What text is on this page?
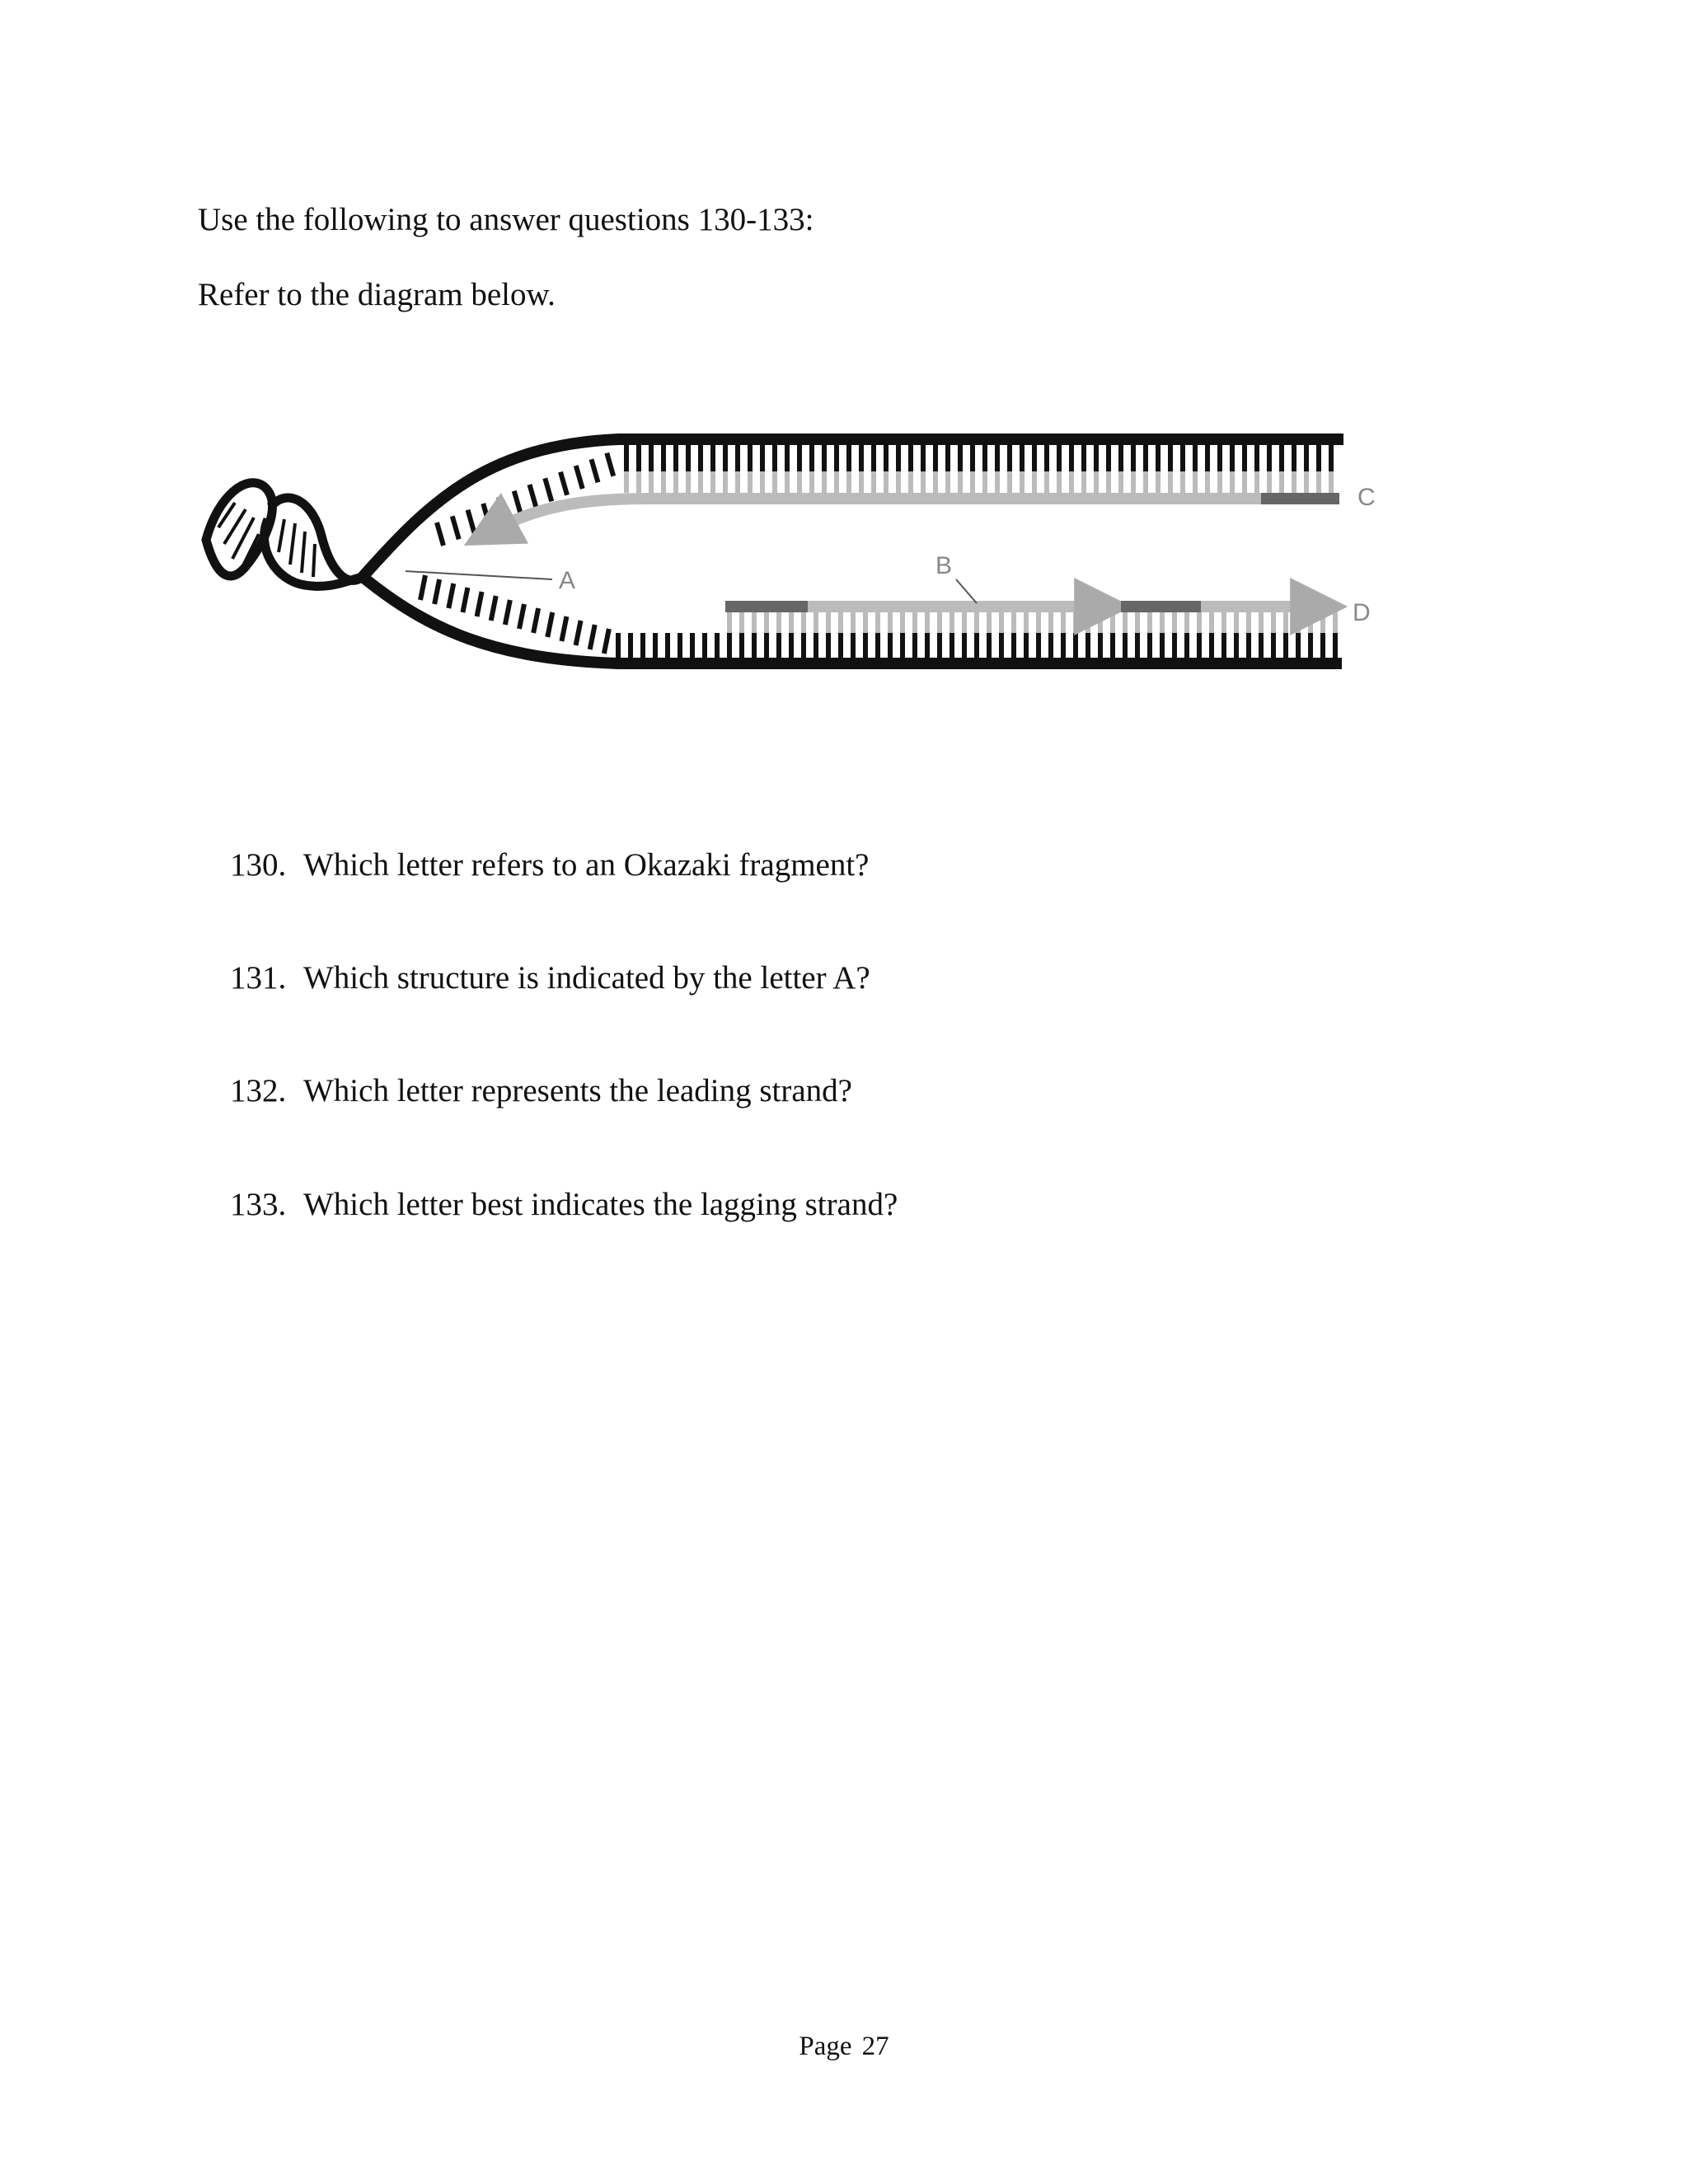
Use the following to answer questions 130-133:
Refer to the diagram below.
A
B
C
D
130. Which letter refers to an Okazaki fragment?
131. Which structure is indicated by the letter A?
132. Which letter represents the leading strand?
133. Which letter best indicates the lagging strand?
Page 27
